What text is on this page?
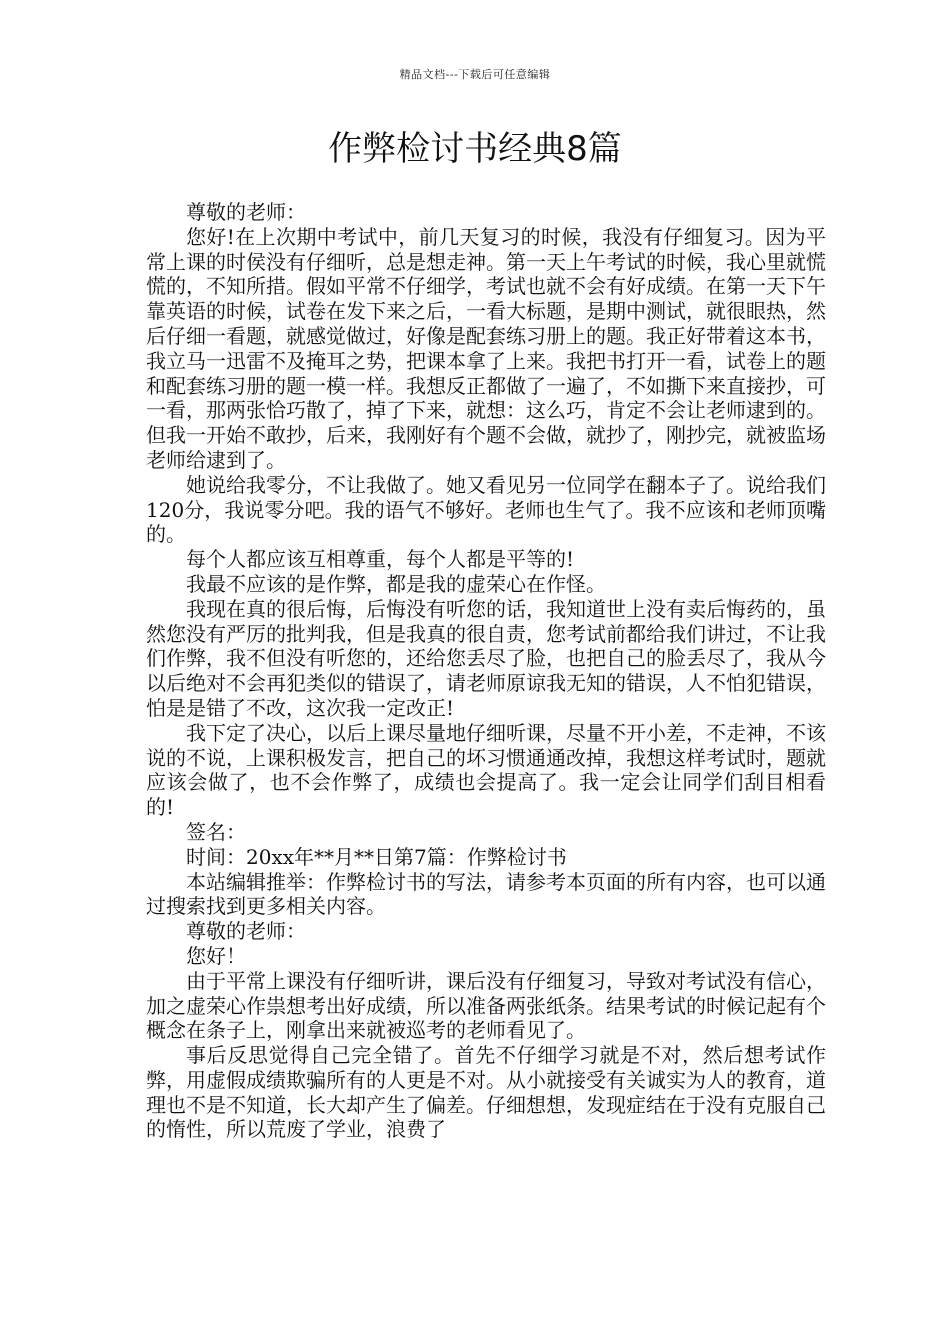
精品文档---下载后可任意编辑
作弊检讨书经典8篇

尊敬的老师：

您好!在上次期中考试中，前几天复习的时候，我没有仔细复习。因为平常上课的时侯没有仔细听，总是想走神。第一天上午考试的时候，我心里就慌慌的，不知所措。假如平常不仔细学，考试也就不会有好成绩。在第一天下午靠英语的时候，试卷在发下来之后，一看大标题，是期中测试，就很眼热，然后仔细一看题，就感觉做过，好像是配套练习册上的题。我正好带着这本书，我立马一迅雷不及掩耳之势，把课本拿了上来。我把书打开一看，试卷上的题和配套练习册的题一模一样。我想反正都做了一遍了，不如撕下来直接抄，可一看，那两张恰巧散了，掉了下来，就想：这么巧，肯定不会让老师逮到的。但我一开始不敢抄，后来，我刚好有个题不会做，就抄了，刚抄完，就被监场老师给逮到了。

她说给我零分，不让我做了。她又看见另一位同学在翻本子了。说给我们120分，我说零分吧。我的语气不够好。老师也生气了。我不应该和老师顶嘴的。

每个人都应该互相尊重，每个人都是平等的!

我最不应该的是作弊，都是我的虚荣心在作怪。

我现在真的很后悔，后悔没有听您的话，我知道世上没有卖后悔药的，虽然您没有严厉的批判我，但是我真的很自责，您考试前都给我们讲过，不让我们作弊，我不但没有听您的，还给您丢尽了脸，也把自己的脸丢尽了，我从今以后绝对不会再犯类似的错误了，请老师原谅我无知的错误，人不怕犯错误，怕是是错了不改，这次我一定改正!

我下定了决心，以后上课尽量地仔细听课，尽量不开小差，不走神，不该说的不说，上课积极发言，把自己的坏习惯通通改掉，我想这样考试时，题就应该会做了，也不会作弊了，成绩也会提高了。我一定会让同学们刮目相看的!

签名：

时间：20xx年**月**日第7篇：作弊检讨书

本站编辑推举：作弊检讨书的写法，请参考本页面的所有内容，也可以通过搜索找到更多相关内容。

尊敬的老师：

您好！

由于平常上课没有仔细听讲，课后没有仔细复习，导致对考试没有信心，加之虚荣心作祟想考出好成绩，所以准备两张纸条。结果考试的时候记起有个概念在条子上，刚拿出来就被巡考的老师看见了。

事后反思觉得自己完全错了。首先不仔细学习就是不对，然后想考试作弊，用虚假成绩欺骗所有的人更是不对。从小就接受有关诚实为人的教育，道理也不是不知道，长大却产生了偏差。仔细想想，发现症结在于没有克服自己的惰性，所以荒废了学业，浪费了
